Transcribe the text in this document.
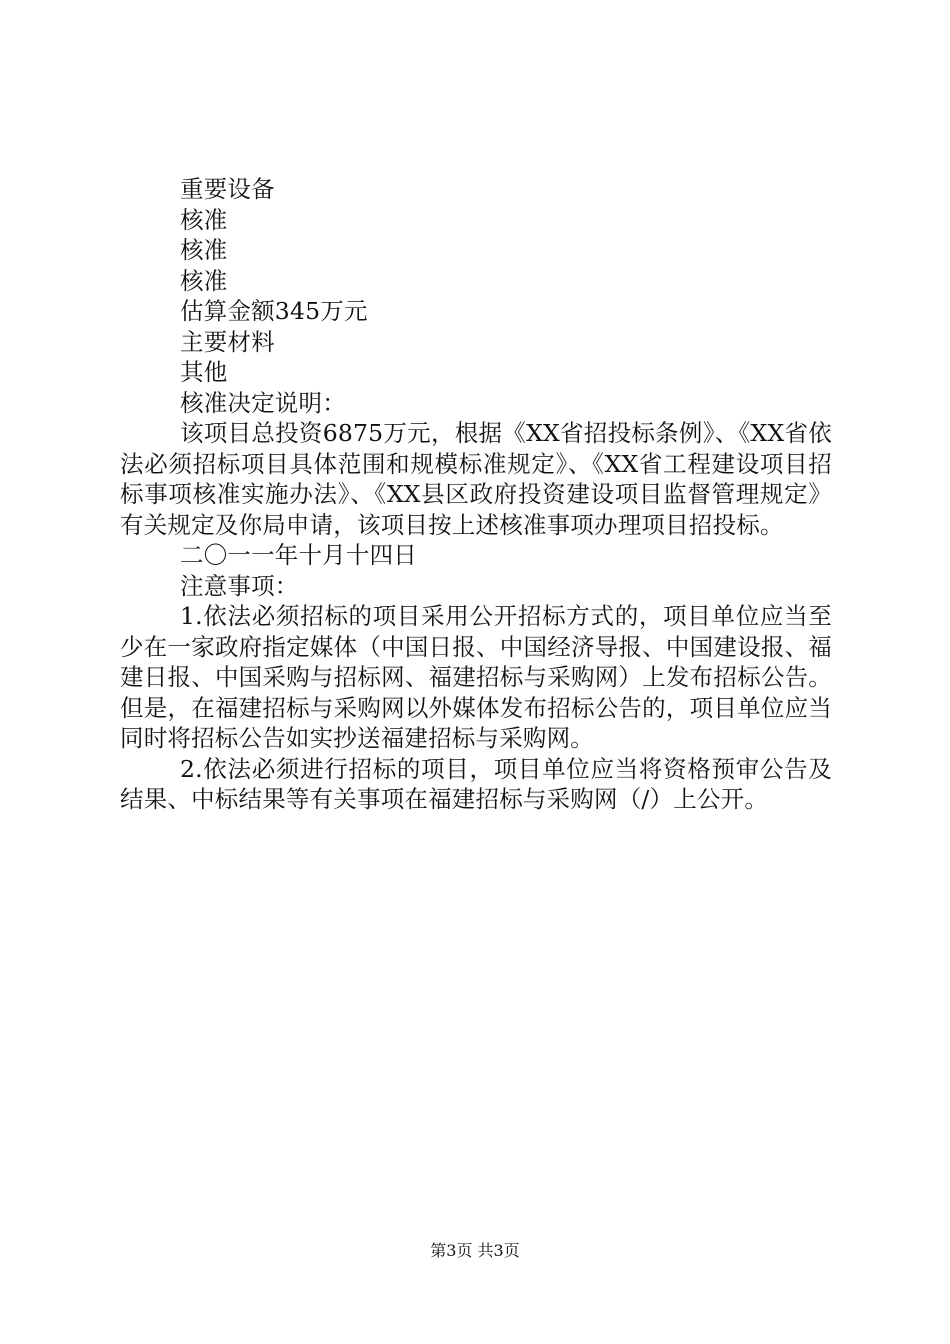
重要设备

核准

核准

核准

估算金额345万元

主要材料

其他

核准决定说明：

该项目总投资6875万元，根据《XX省招投标条例》、《XX省依法必须招标项目具体范围和规模标准规定》、《XX省工程建设项目招标事项核准实施办法》、《XX县区政府投资建设项目监督管理规定》有关规定及你局申请，该项目按上述核准事项办理项目招投标。

二〇一一年十月十四日

注意事项：

1.依法必须招标的项目采用公开招标方式的，项目单位应当至少在一家政府指定媒体（中国日报、中国经济导报、中国建设报、福建日报、中国采购与招标网、福建招标与采购网）上发布招标公告。但是，在福建招标与采购网以外媒体发布招标公告的，项目单位应当同时将招标公告如实抄送福建招标与采购网。

2.依法必须进行招标的项目，项目单位应当将资格预审公告及结果、中标结果等有关事项在福建招标与采购网（/）上公开。

第3页 共3页
